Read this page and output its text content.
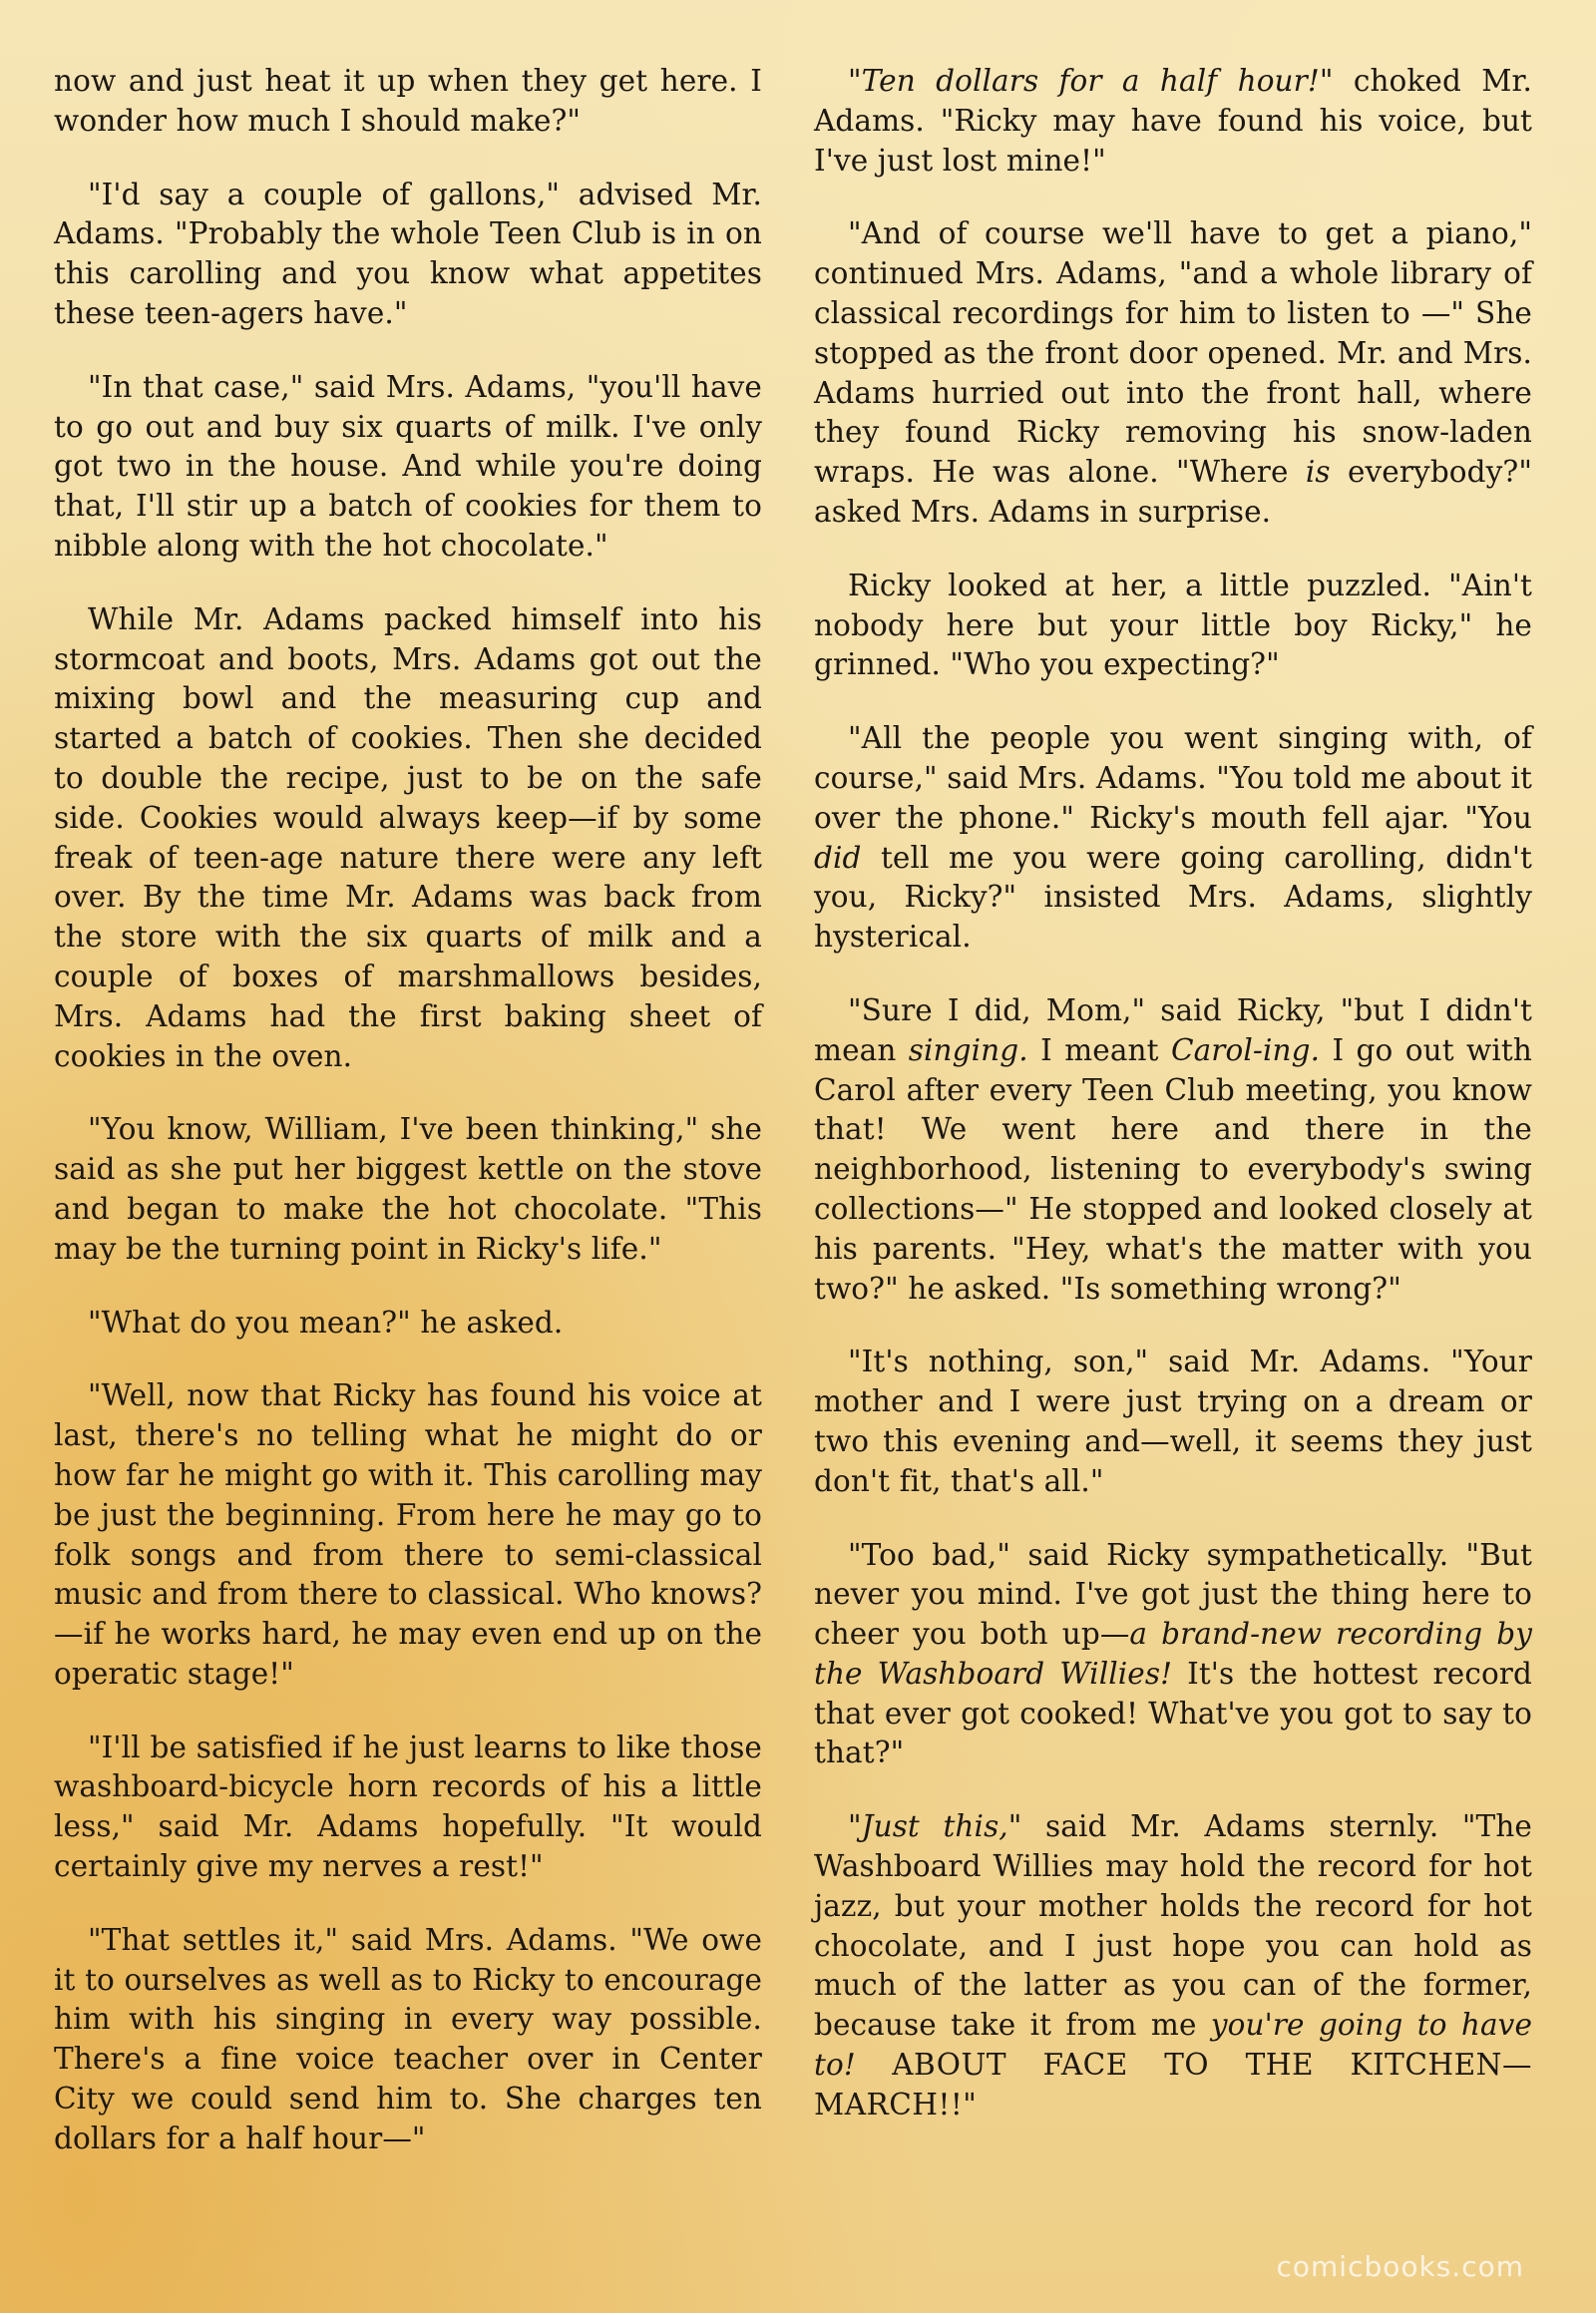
now and just heat it up when they get here. I wonder how much I should make?"

"I'd say a couple of gallons," advised Mr. Adams. "Probably the whole Teen Club is in on this carolling and you know what appetites these teen-agers have."

"In that case," said Mrs. Adams, "you'll have to go out and buy six quarts of milk. I've only got two in the house. And while you're doing that, I'll stir up a batch of cookies for them to nibble along with the hot chocolate."

While Mr. Adams packed himself into his stormcoat and boots, Mrs. Adams got out the mixing bowl and the measuring cup and started a batch of cookies. Then she decided to double the recipe, just to be on the safe side. Cookies would always keep—if by some freak of teen-age nature there were any left over. By the time Mr. Adams was back from the store with the six quarts of milk and a couple of boxes of marshmallows besides, Mrs. Adams had the first baking sheet of cookies in the oven.

"You know, William, I've been thinking," she said as she put her biggest kettle on the stove and began to make the hot chocolate. "This may be the turning point in Ricky's life."

"What do you mean?" he asked.

"Well, now that Ricky has found his voice at last, there's no telling what he might do or how far he might go with it. This carolling may be just the beginning. From here he may go to folk songs and from there to semi-classical music and from there to classical. Who knows?—if he works hard, he may even end up on the operatic stage!"

"I'll be satisfied if he just learns to like those washboard-bicycle horn records of his a little less," said Mr. Adams hopefully. "It would certainly give my nerves a rest!"

"That settles it," said Mrs. Adams. "We owe it to ourselves as well as to Ricky to encourage him with his singing in every way possible. There's a fine voice teacher over in Center City we could send him to. She charges ten dollars for a half hour—"

"Ten dollars for a half hour!" choked Mr. Adams. "Ricky may have found his voice, but I've just lost mine!"

"And of course we'll have to get a piano," continued Mrs. Adams, "and a whole library of classical recordings for him to listen to —" She stopped as the front door opened. Mr. and Mrs. Adams hurried out into the front hall, where they found Ricky removing his snow-laden wraps. He was alone. "Where is everybody?" asked Mrs. Adams in surprise.

Ricky looked at her, a little puzzled. "Ain't nobody here but your little boy Ricky," he grinned. "Who you expecting?"

"All the people you went singing with, of course," said Mrs. Adams. "You told me about it over the phone." Ricky's mouth fell ajar. "You did tell me you were going carolling, didn't you, Ricky?" insisted Mrs. Adams, slightly hysterical.

"Sure I did, Mom," said Ricky, "but I didn't mean singing. I meant Carol-ing. I go out with Carol after every Teen Club meeting, you know that! We went here and there in the neighborhood, listening to everybody's swing collections—" He stopped and looked closely at his parents. "Hey, what's the matter with you two?" he asked. "Is something wrong?"

"It's nothing, son," said Mr. Adams. "Your mother and I were just trying on a dream or two this evening and—well, it seems they just don't fit, that's all."

"Too bad," said Ricky sympathetically. "But never you mind. I've got just the thing here to cheer you both up—a brand-new recording by the Washboard Willies! It's the hottest record that ever got cooked! What've you got to say to that?"

"Just this," said Mr. Adams sternly. "The Washboard Willies may hold the record for hot jazz, but your mother holds the record for hot chocolate, and I just hope you can hold as much of the latter as you can of the former, because take it from me you're going to have to! ABOUT FACE TO THE KITCHEN—MARCH!!"

comicbooks.com
